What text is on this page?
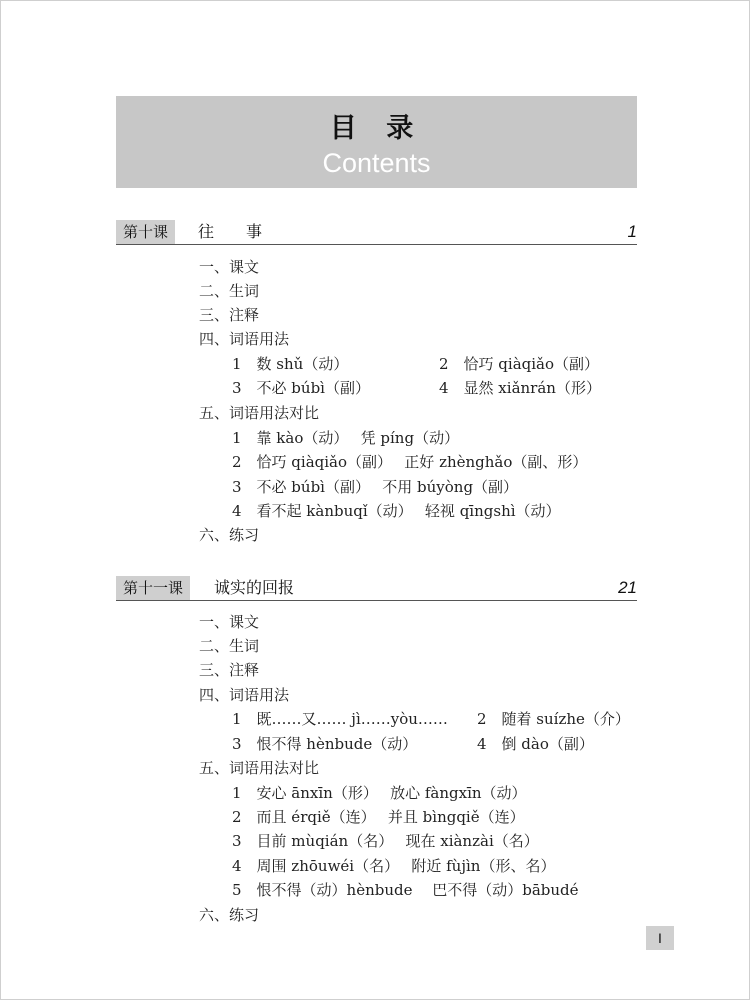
目 录
Contents
第十课	往　　事	1
一、课文
二、生词
三、注释
四、词语用法
1　数 shǔ（动）	2　恰巧 qiàqiǎo（副）
3　不必 búbì（副）	4　显然 xiǎnrán（形）
五、词语用法对比
1　靠 kào（动）　 凭 píng（动）
2　恰巧 qiàqiǎo（副）　 正好 zhènghǎo（副、形）
3　不必 búbì（副）　 不用 búyòng（副）
4　看不起 kànbuqǐ（动）　 轻视 qīngshì（动）
六、练习
第十一课	诚实的回报	21
一、课文
二、生词
三、注释
四、词语用法
1　既……又…… jì……yòu…… 2　随着 suízhe（介）
3　恨不得 hènbude（动）	4　倒 dào（副）
五、词语用法对比
1　安心 ānxīn（形）　 放心 fàngxīn（动）
2　而且 érqiě（连）　 并且 bìngqiě（连）
3　目前 mùqián（名）　 现在 xiànzài（名）
4　周围 zhōuwéi（名）　 附近 fùjìn（形、名）
5　恨不得（动）hènbude　 巴不得（动）bābudé
六、练习
I
